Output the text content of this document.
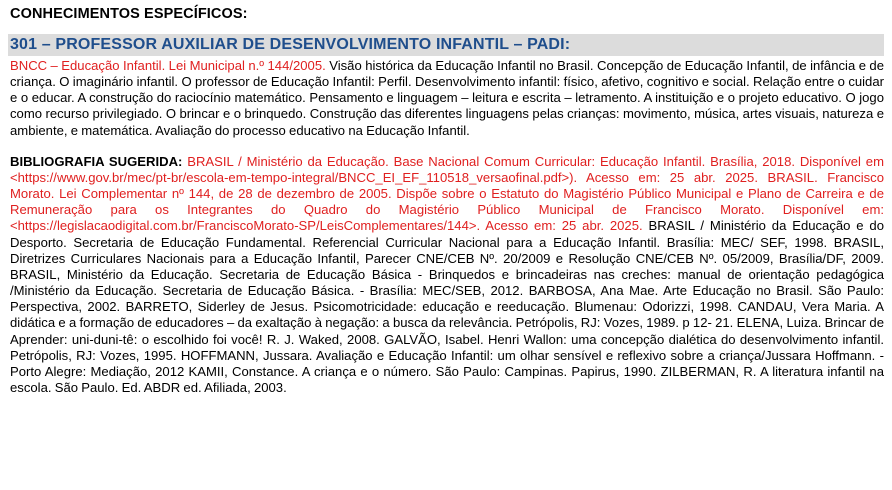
CONHECIMENTOS ESPECÍFICOS:
301 – PROFESSOR AUXILIAR DE DESENVOLVIMENTO INFANTIL – PADI:

BNCC – Educação Infantil. Lei Municipal n.º 144/2005. Visão histórica da Educação Infantil no Brasil. Concepção de Educação Infantil, de infância e de criança. O imaginário infantil. O professor de Educação Infantil: Perfil. Desenvolvimento infantil: físico, afetivo, cognitivo e social. Relação entre o cuidar e o educar. A construção do raciocínio matemático. Pensamento e linguagem – leitura e escrita – letramento. A instituição e o projeto educativo. O jogo como recurso privilegiado. O brincar e o brinquedo. Construção das diferentes linguagens pelas crianças: movimento, música, artes visuais, natureza e ambiente, e matemática. Avaliação do processo educativo na Educação Infantil.

BIBLIOGRAFIA SUGERIDA: BRASIL / Ministério da Educação. Base Nacional Comum Curricular: Educação Infantil. Brasília, 2018. Disponível em <https://www.gov.br/mec/pt-br/escola-em-tempo-integral/BNCC_EI_EF_110518_versaofinal.pdf>). Acesso em: 25 abr. 2025. BRASIL. Francisco Morato. Lei Complementar nº 144, de 28 de dezembro de 2005. Dispõe sobre o Estatuto do Magistério Público Municipal e Plano de Carreira e de Remuneração para os Integrantes do Quadro do Magistério Público Municipal de Francisco Morato. Disponível em: <https://legislacaodigital.com.br/FranciscoMorato-SP/LeisComplementares/144>. Acesso em: 25 abr. 2025. BRASIL / Ministério da Educação e do Desporto. Secretaria de Educação Fundamental. Referencial Curricular Nacional para a Educação Infantil. Brasília: MEC/ SEF, 1998. BRASIL, Diretrizes Curriculares Nacionais para a Educação Infantil, Parecer CNE/CEB Nº. 20/2009 e Resolução CNE/CEB Nº. 05/2009, Brasília/DF, 2009. BRASIL, Ministério da Educação. Secretaria de Educação Básica - Brinquedos e brincadeiras nas creches: manual de orientação pedagógica /Ministério da Educação. Secretaria de Educação Básica. - Brasília: MEC/SEB, 2012. BARBOSA, Ana Mae. Arte Educação no Brasil. São Paulo: Perspectiva, 2002. BARRETO, Siderley de Jesus. Psicomotricidade: educação e reeducação. Blumenau: Odorizzi, 1998. CANDAU, Vera Maria. A didática e a formação de educadores – da exaltação à negação: a busca da relevância. Petrópolis, RJ: Vozes, 1989. p 12- 21. ELENA, Luiza. Brincar de Aprender: uni-duni-tê: o escolhido foi você! R. J. Waked, 2008. GALVÃO, Isabel. Henri Wallon: uma concepção dialética do desenvolvimento infantil. Petrópolis, RJ: Vozes, 1995. HOFFMANN, Jussara. Avaliação e Educação Infantil: um olhar sensível e reflexivo sobre a criança/Jussara Hoffmann. - Porto Alegre: Mediação, 2012 KAMII, Constance. A criança e o número. São Paulo: Campinas. Papirus, 1990. ZILBERMAN, R. A literatura infantil na escola. São Paulo. Ed. ABDR ed. Afiliada, 2003.
